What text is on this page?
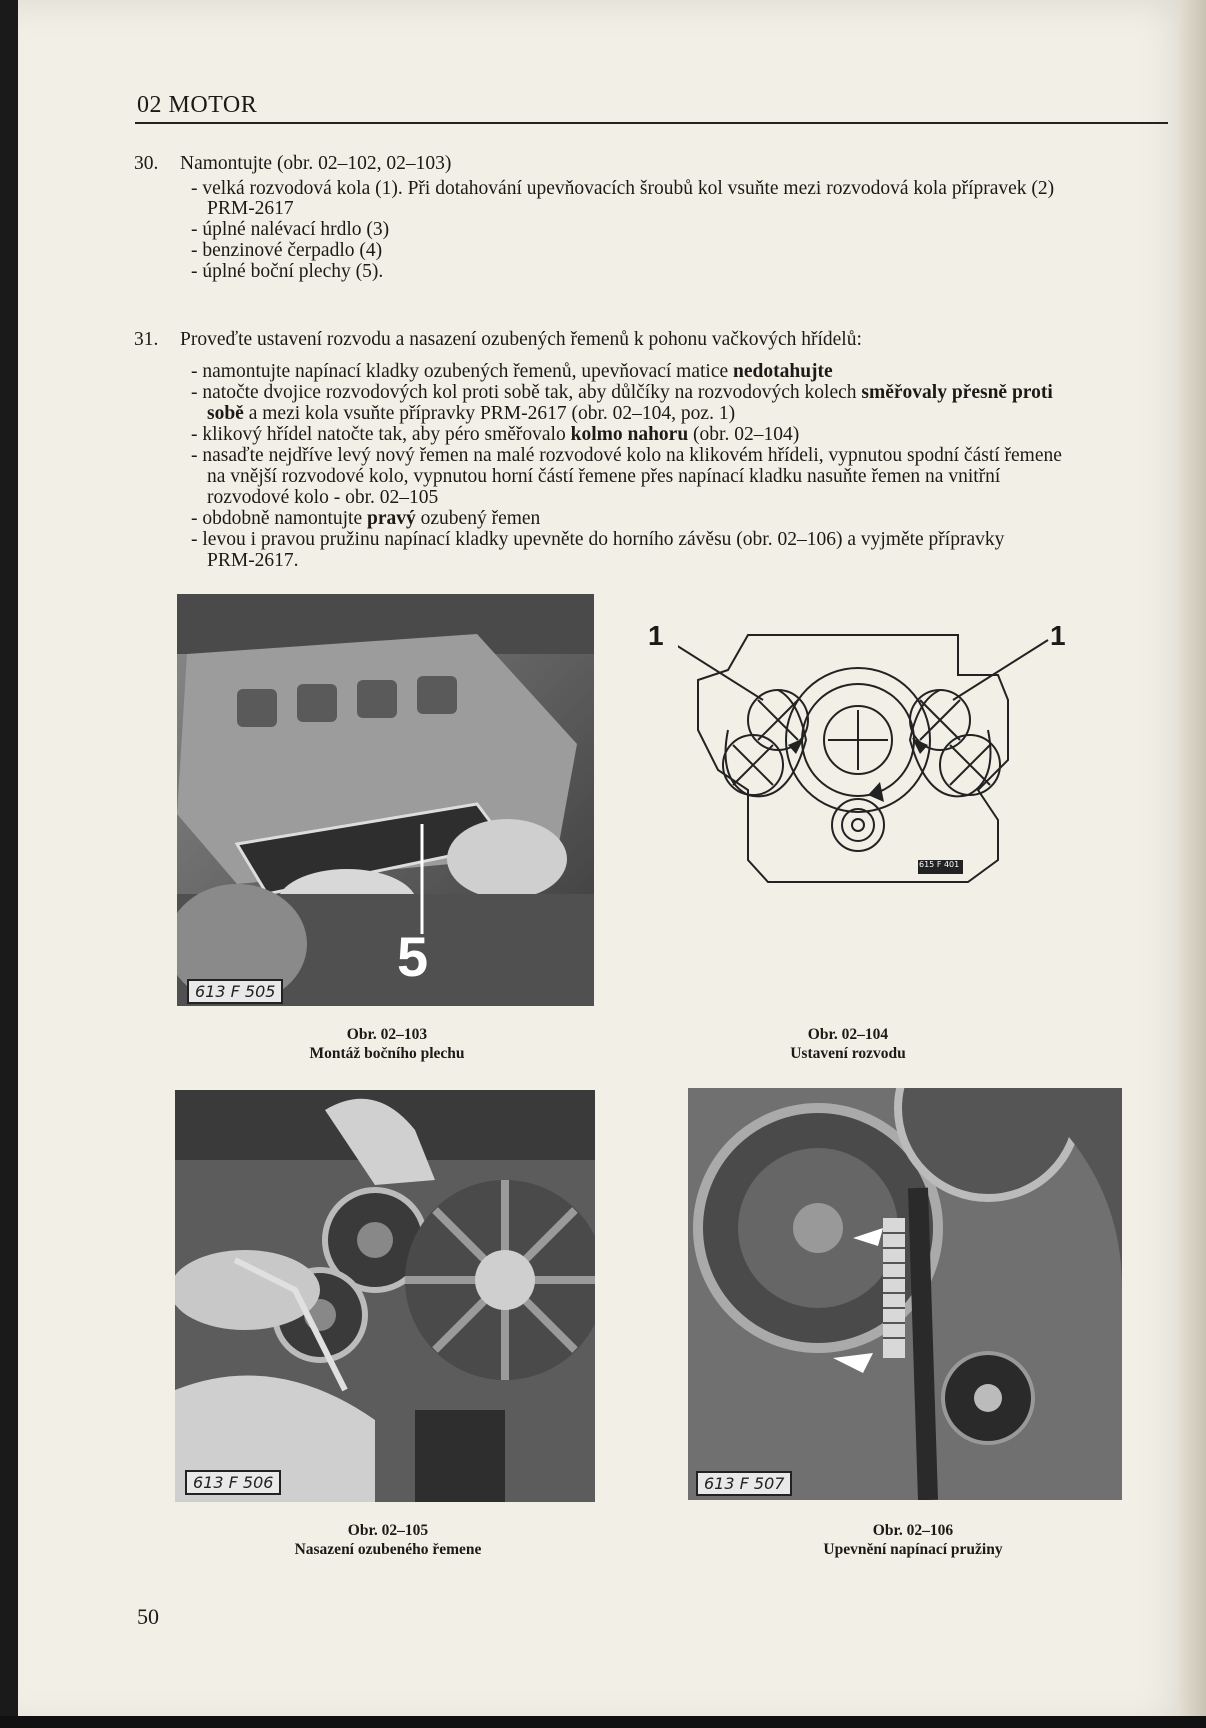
02 MOTOR
30. Namontujte (obr. 02–102, 02–103)
- velká rozvodová kola (1). Při dotahování upevňovacích šroubů kol vsuňte mezi rozvodová kola přípravek (2)
PRM-2617
- úplné nalévací hrdlo (3)
- benzinové čerpadlo (4)
- úplné boční plechy (5).
31. Proveďte ustavení rozvodu a nasazení ozubených řemenů k pohonu vačkových hřídelů:
- namontujte napínací kladky ozubených řemenů, upevňovací matice nedotahujte
- natočte dvojice rozvodových kol proti sobě tak, aby důlčíky na rozvodových kolech směřovaly přesně proti
sobě a mezi kola vsuňte přípravky PRM-2617 (obr. 02–104, poz. 1)
- klikový hřídel natočte tak, aby péro směřovalo kolmo nahoru (obr. 02–104)
- nasaďte nejdříve levý nový řemen na malé rozvodové kolo na klikovém hřídeli, vypnutou spodní částí řemene
na vnější rozvodové kolo, vypnutou horní částí řemene přes napínací kladku nasuňte řemen na vnitřní
rozvodové kolo - obr. 02–105
- obdobně namontujte pravý ozubený řemen
- levou i pravou pružinu napínací kladky upevněte do horního závěsu (obr. 02–106) a vyjměte přípravky
PRM-2617.
5
613 F 505
Obr. 02–103
Montáž bočního plechu
1	1
615 F 401
Obr. 02–104
Ustavení rozvodu
613 F 506
Obr. 02–105
Nasazení ozubeného řemene
613 F 507
Obr. 02–106
Upevnění napínací pružiny
50
